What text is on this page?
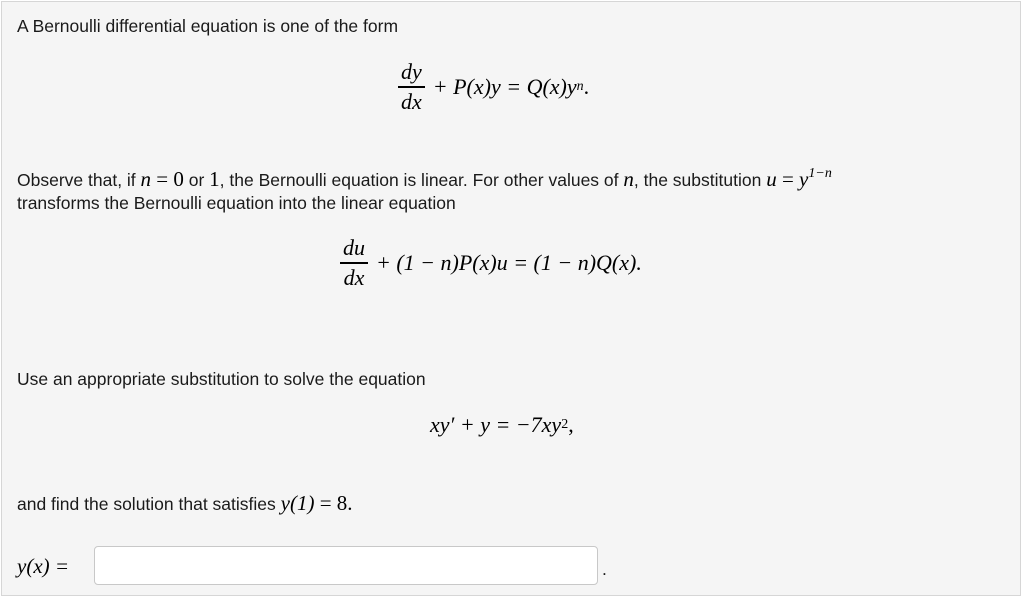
A Bernoulli differential equation is one of the form
$\frac{dy}{dx} + P(x)y = Q(x)y$ n .
Observe that, if n = 0 or 1, the Bernoulli equation is linear. For other values of n, the substitution $u = y^{1-n}$
transforms the Bernoulli equation into the linear equation
$\frac{du}{dx} + (1 - n)P(x)u = (1 - n)Q(x)$.
Use an appropriate substitution to solve the equation
xy′ + y = −7xy 2 ,
and find the solution that satisfies y(1) = 8.
y(x) =	.
